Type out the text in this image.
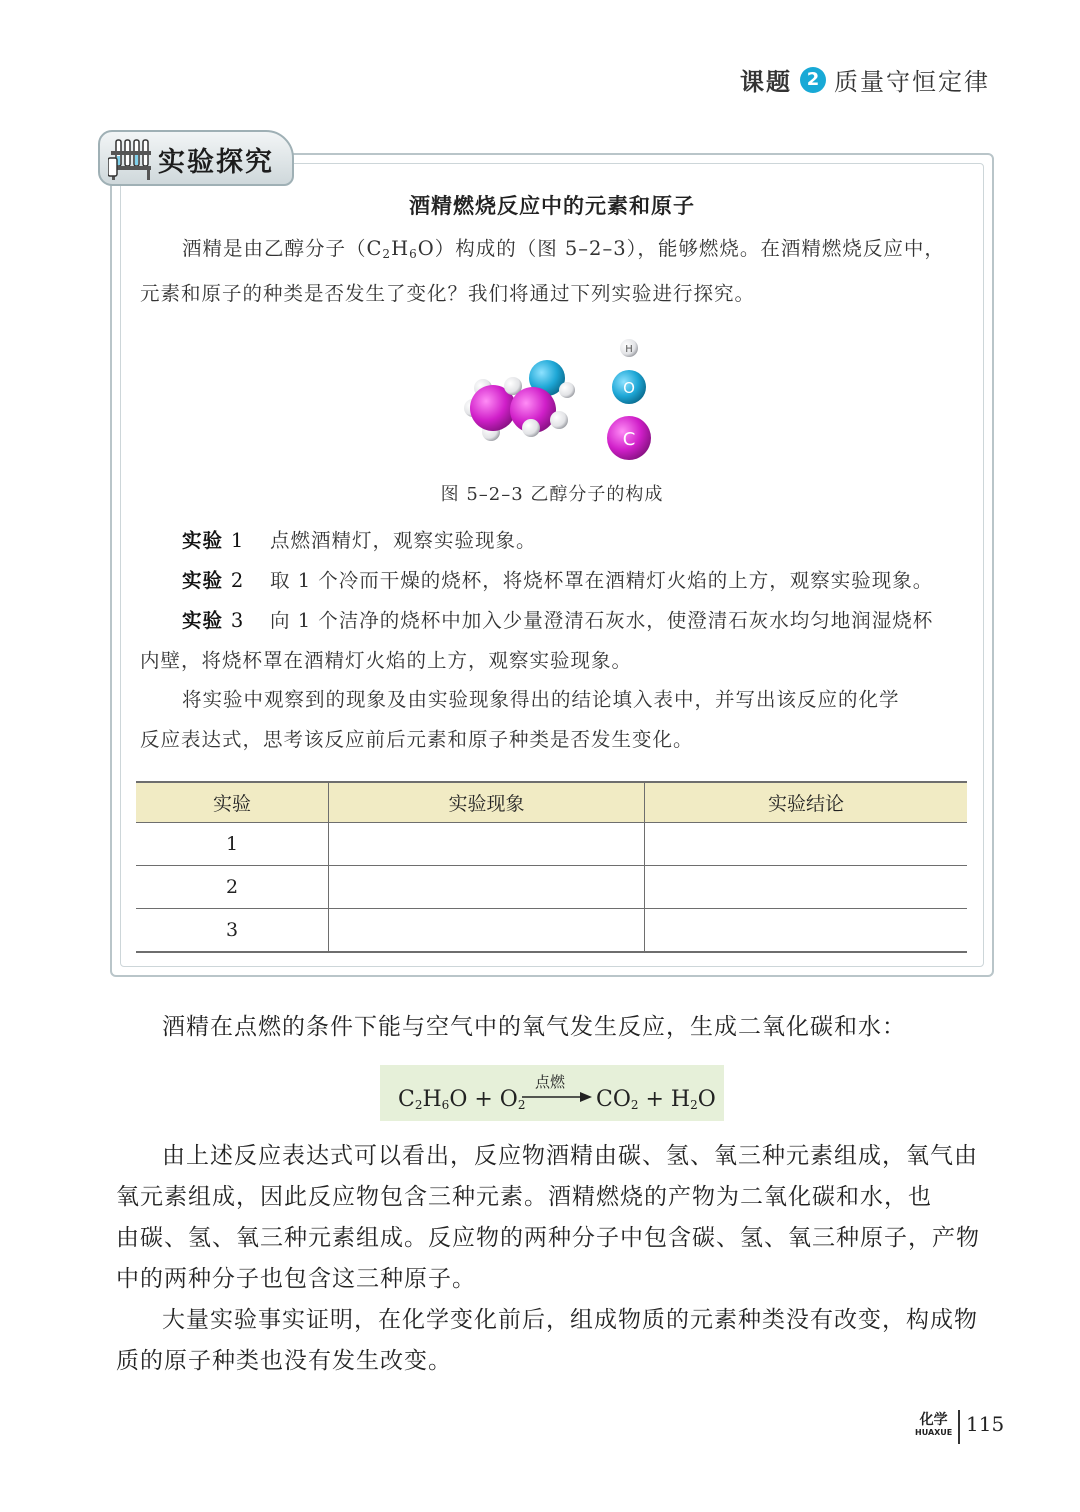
课题 2 质量守恒定律
实验探究
酒精燃烧反应中的元素和原子
酒精是由乙醇分子$(C_2H_6O)$构成的（图 5–2–3），能够燃烧。在酒精燃烧反应中，
元素和原子的种类是否发生了变化？我们将通过下列实验进行探究。
H
O
C
图 5–2–3 乙醇分子的构成
实验 1 点燃酒精灯，观察实验现象。
实验 2 取 1 个冷而干燥的烧杯，将烧杯罩在酒精灯火焰的上方，观察实验现象。
实验 3 向 1 个洁净的烧杯中加入少量澄清石灰水，使澄清石灰水均匀地润湿烧杯
内壁，将烧杯罩在酒精灯火焰的上方，观察实验现象。
将实验中观察到的现象及由实验现象得出的结论填入表中，并写出该反应的化学
反应表达式，思考该反应前后元素和原子种类是否发生变化。
实验	实验现象	实验结论
1		
2		
3		
酒精在点燃的条件下能与空气中的氧气发生反应，生成二氧化碳和水：
$C_2H_6O + O_2$
点燃
→ $CO_2 + H_2O$
由上述反应表达式可以看出，反应物酒精由碳、氢、氧三种元素组成，氧气由
氧元素组成，因此反应物包含三种元素。酒精燃烧的产物为二氧化碳和水，也
由碳、氢、氧三种元素组成。反应物的两种分子中包含碳、氢、氧三种原子，产物
中的两种分子也包含这三种原子。
大量实验事实证明，在化学变化前后，组成物质的元素种类没有改变，构成物
质的原子种类也没有发生改变。
化学
HUAXUE 115
